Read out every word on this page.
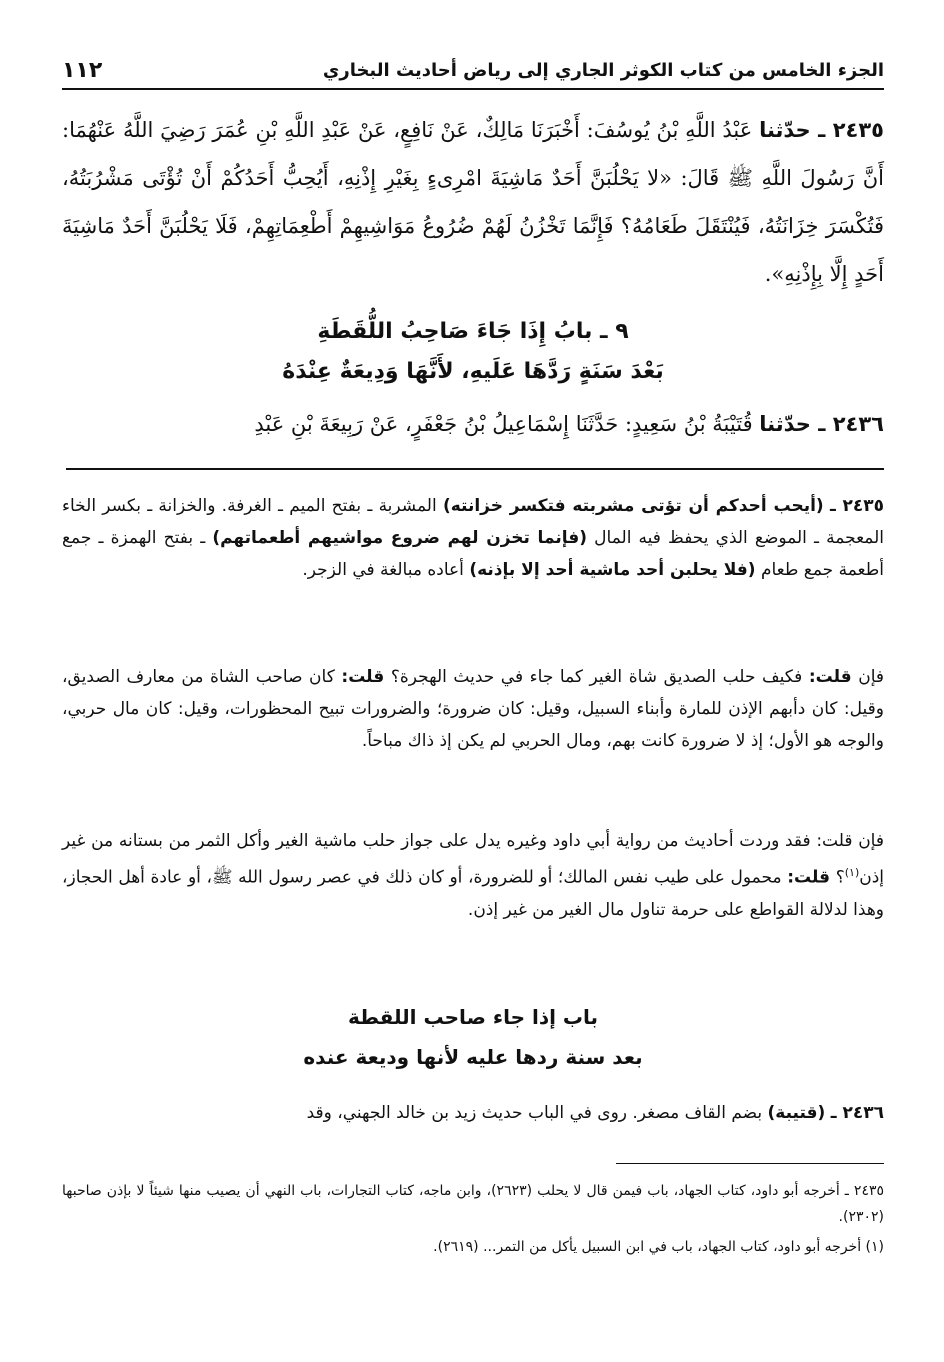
الجزء الخامس من كتاب الكوثر الجاري إلى رياض أحاديث البخاري
١١٢
٢٤٣٥ ـ حدّثنا عَبْدُ اللَّهِ بْنُ يُوسُفَ: أَخْبَرَنَا مَالِكٌ، عَنْ نَافِعٍ، عَنْ عَبْدِ اللَّهِ بْنِ عُمَرَ رَضِيَ اللَّهُ عَنْهُمَا: أَنَّ رَسُولَ اللَّهِ ﷺ قَالَ: «لا يَحْلُبَنَّ أَحَدٌ مَاشِيَةَ امْرِىءٍ بِغَيْرِ إِذْنِهِ، أَيُحِبُّ أَحَدُكُمْ أَنْ تُؤْتَى مَشْرُبَتُهُ، فَتُكْسَرَ خِزَانَتُهُ، فَيُنْتَقَلَ طَعَامُهُ؟ فَإِنَّمَا تَخْزُنُ لَهُمْ ضُرُوعُ مَوَاشِيهِمْ أَطْعِمَاتِهِمْ، فَلَا يَحْلُبَنَّ أَحَدٌ مَاشِيَةَ أَحَدٍ إِلَّا بِإِذْنِهِ».
٩ ـ بابُ إِذَا جَاءَ صَاحِبُ اللُّقَطَةِ
بَعْدَ سَنَةٍ رَدَّهَا عَلَيهِ، لأَنَّهَا وَدِيعَةٌ عِنْدَهُ
٢٤٣٦ ـ حدّثنا قُتَيْبَةُ بْنُ سَعِيدٍ: حَدَّثَنَا إِسْمَاعِيلُ بْنُ جَعْفَرٍ، عَنْ رَبِيعَةَ بْنِ عَبْدِ
٢٤٣٥ ـ (أيحب أحدكم أن تؤتى مشربته فتكسر خزانته) المشربة ـ بفتح الميم ـ الغرفة. والخزانة ـ بكسر الخاء المعجمة ـ الموضع الذي يحفظ فيه المال (فإنما تخزن لهم ضروع مواشيهم أطعماتهم) ـ بفتح الهمزة ـ جمع أطعمة جمع طعام (فلا يحلبن أحد ماشية أحد إلا بإذنه) أعاده مبالغة في الزجر.
فإن قلت: فكيف حلب الصديق شاة الغير كما جاء في حديث الهجرة؟ قلت: كان صاحب الشاة من معارف الصديق، وقيل: كان دأبهم الإذن للمارة وأبناء السبيل، وقيل: كان ضرورة؛ والضرورات تبيح المحظورات، وقيل: كان مال حربي، والوجه هو الأول؛ إذ لا ضرورة كانت بهم، ومال الحربي لم يكن إذ ذاك مباحاً.
فإن قلت: فقد وردت أحاديث من رواية أبي داود وغيره يدل على جواز حلب ماشية الغير وأكل الثمر من بستانه من غير إذن$^{(١)}$؟ قلت: محمول على طيب نفس المالك؛ أو للضرورة، أو كان ذلك في عصر رسول الله ﷺ، أو عادة أهل الحجاز، وهذا لدلالة القواطع على حرمة تناول مال الغير من غير إذن.
باب إذا جاء صاحب اللقطة
بعد سنة ردها عليه لأنها وديعة عنده
٢٤٣٦ ـ (قتيبة) بضم القاف مصغر. روى في الباب حديث زيد بن خالد الجهني، وقد

٢٤٣٥ ـ أخرجه أبو داود، كتاب الجهاد، باب فيمن قال لا يحلب (٢٦٢٣)، وابن ماجه، كتاب التجارات، باب النهي أن يصيب منها شيئاً لا بإذن صاحبها (٢٣٠٢).

(١) أخرجه أبو داود، كتاب الجهاد، باب في ابن السبيل يأكل من التمر... (٢٦١٩).
